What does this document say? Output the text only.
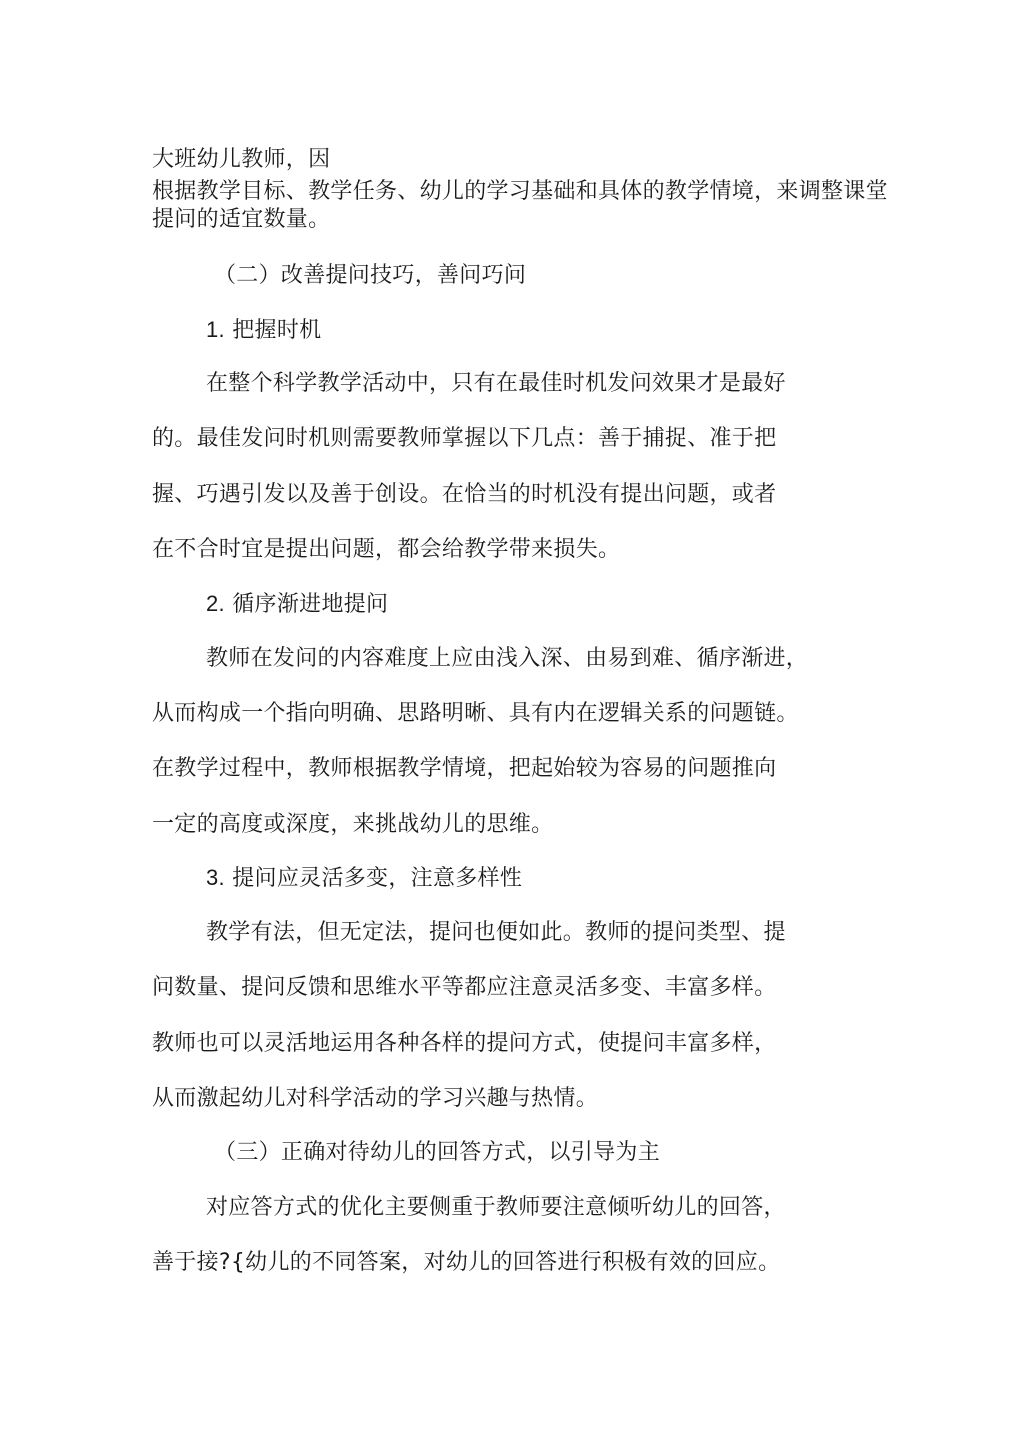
大班幼儿教师，因
根据教学目标、教学任务、幼儿的学习基础和具体的教学情境，来调整课堂
提问的适宜数量。
（二）改善提问技巧，善问巧问
1. 把握时机
在整个科学教学活动中，只有在最佳时机发问效果才是最好
的。最佳发问时机则需要教师掌握以下几点：善于捕捉、准于把
握、巧遇引发以及善于创设。在恰当的时机没有提出问题，或者
在不合时宜是提出问题，都会给教学带来损失。
2. 循序渐进地提问
教师在发问的内容难度上应由浅入深、由易到难、循序渐进，
从而构成一个指向明确、思路明晰、具有内在逻辑关系的问题链。
在教学过程中，教师根据教学情境，把起始较为容易的问题推向
一定的高度或深度，来挑战幼儿的思维。
3. 提问应灵活多变，注意多样性
教学有法，但无定法，提问也便如此。教师的提问类型、提
问数量、提问反馈和思维水平等都应注意灵活多变、丰富多样。
教师也可以灵活地运用各种各样的提问方式，使提问丰富多样，
从而激起幼儿对科学活动的学习兴趣与热情。
（三）正确对待幼儿的回答方式，以引导为主
对应答方式的优化主要侧重于教师要注意倾听幼儿的回答，
善于接?{幼儿的不同答案，对幼儿的回答进行积极有效的回应。
